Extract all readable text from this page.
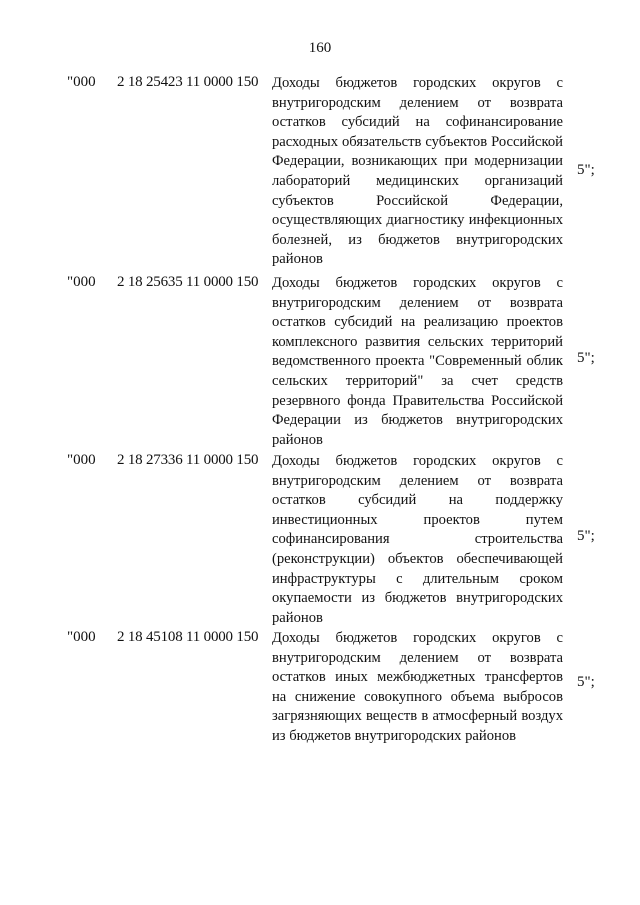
160
"000 2 18 25423 11 0000 150 Доходы бюджетов городских округов с внутригородским делением от возврата остатков субсидий на софинансирование расходных обязательств субъектов Российской Федерации, возникающих при модернизации лабораторий медицинских организаций субъектов Российской Федерации, осуществляющих диагностику инфекционных болезней, из бюджетов внутригородских районов
5";
"000 2 18 25635 11 0000 150 Доходы бюджетов городских округов с внутригородским делением от возврата остатков субсидий на реализацию проектов комплексного развития сельских территорий ведомственного проекта "Современный облик сельских территорий" за счет средств резервного фонда Правительства Российской Федерации из бюджетов внутригородских районов
5";
"000 2 18 27336 11 0000 150 Доходы бюджетов городских округов с внутригородским делением от возврата остатков субсидий на поддержку инвестиционных проектов путем софинансирования строительства (реконструкции) объектов обеспечивающей инфраструктуры с длительным сроком окупаемости из бюджетов внутригородских районов
5";
"000 2 18 45108 11 0000 150 Доходы бюджетов городских округов с внутригородским делением от возврата остатков иных межбюджетных трансфертов на снижение совокупного объема выбросов загрязняющих веществ в атмосферный воздух из бюджетов внутригородских районов
5";
